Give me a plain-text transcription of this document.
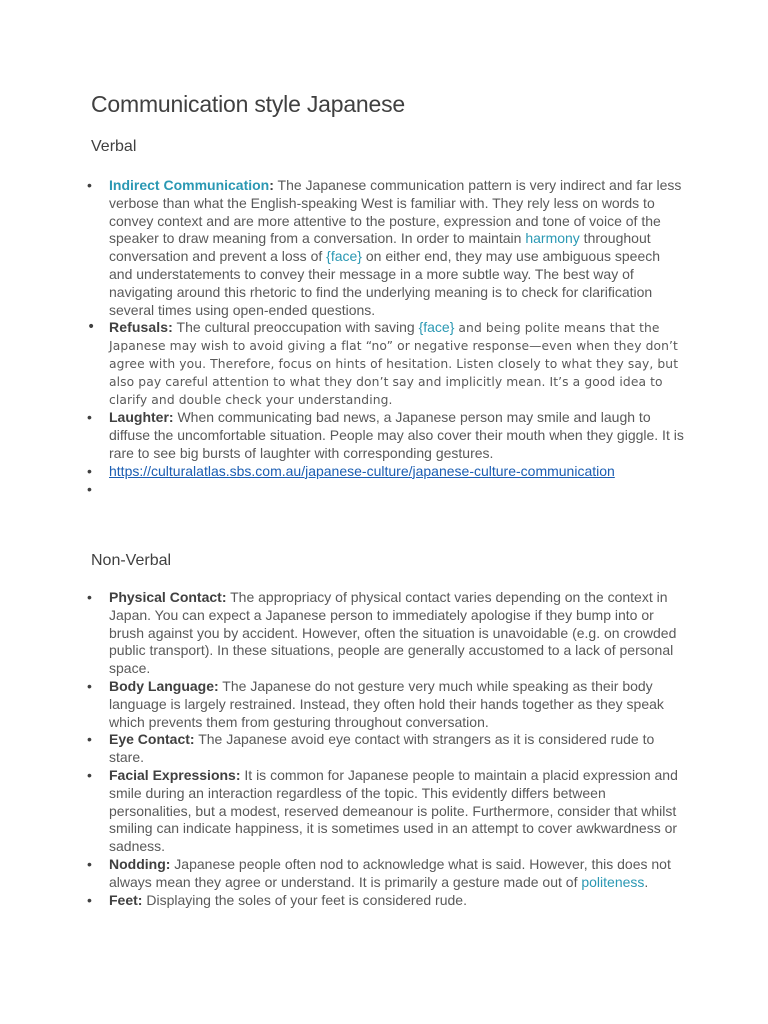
Communication style Japanese
Verbal
• Indirect Communication: The Japanese communication pattern is very indirect and far less verbose than what the English-speaking West is familiar with. They rely less on words to convey context and are more attentive to the posture, expression and tone of voice of the speaker to draw meaning from a conversation. In order to maintain harmony throughout conversation and prevent a loss of {face} on either end, they may use ambiguous speech and understatements to convey their message in a more subtle way. The best way of navigating around this rhetoric to find the underlying meaning is to check for clarification several times using open-ended questions.
• Refusals: The cultural preoccupation with saving {face} and being polite means that the Japanese may wish to avoid giving a flat “no” or negative response—even when they don’t agree with you. Therefore, focus on hints of hesitation. Listen closely to what they say, but also pay careful attention to what they don’t say and implicitly mean. It’s a good idea to clarify and double check your understanding.
• Laughter: When communicating bad news, a Japanese person may smile and laugh to diffuse the uncomfortable situation. People may also cover their mouth when they giggle. It is rare to see big bursts of laughter with corresponding gestures.
• https://culturalatlas.sbs.com.au/japanese-culture/japanese-culture-communication
•
Non-Verbal
• Physical Contact: The appropriacy of physical contact varies depending on the context in Japan. You can expect a Japanese person to immediately apologise if they bump into or brush against you by accident. However, often the situation is unavoidable (e.g. on crowded public transport). In these situations, people are generally accustomed to a lack of personal space.
• Body Language: The Japanese do not gesture very much while speaking as their body language is largely restrained. Instead, they often hold their hands together as they speak which prevents them from gesturing throughout conversation.
• Eye Contact: The Japanese avoid eye contact with strangers as it is considered rude to stare.
• Facial Expressions: It is common for Japanese people to maintain a placid expression and smile during an interaction regardless of the topic. This evidently differs between personalities, but a modest, reserved demeanour is polite. Furthermore, consider that whilst smiling can indicate happiness, it is sometimes used in an attempt to cover awkwardness or sadness.
• Nodding: Japanese people often nod to acknowledge what is said. However, this does not always mean they agree or understand. It is primarily a gesture made out of politeness.
• Feet: Displaying the soles of your feet is considered rude.
